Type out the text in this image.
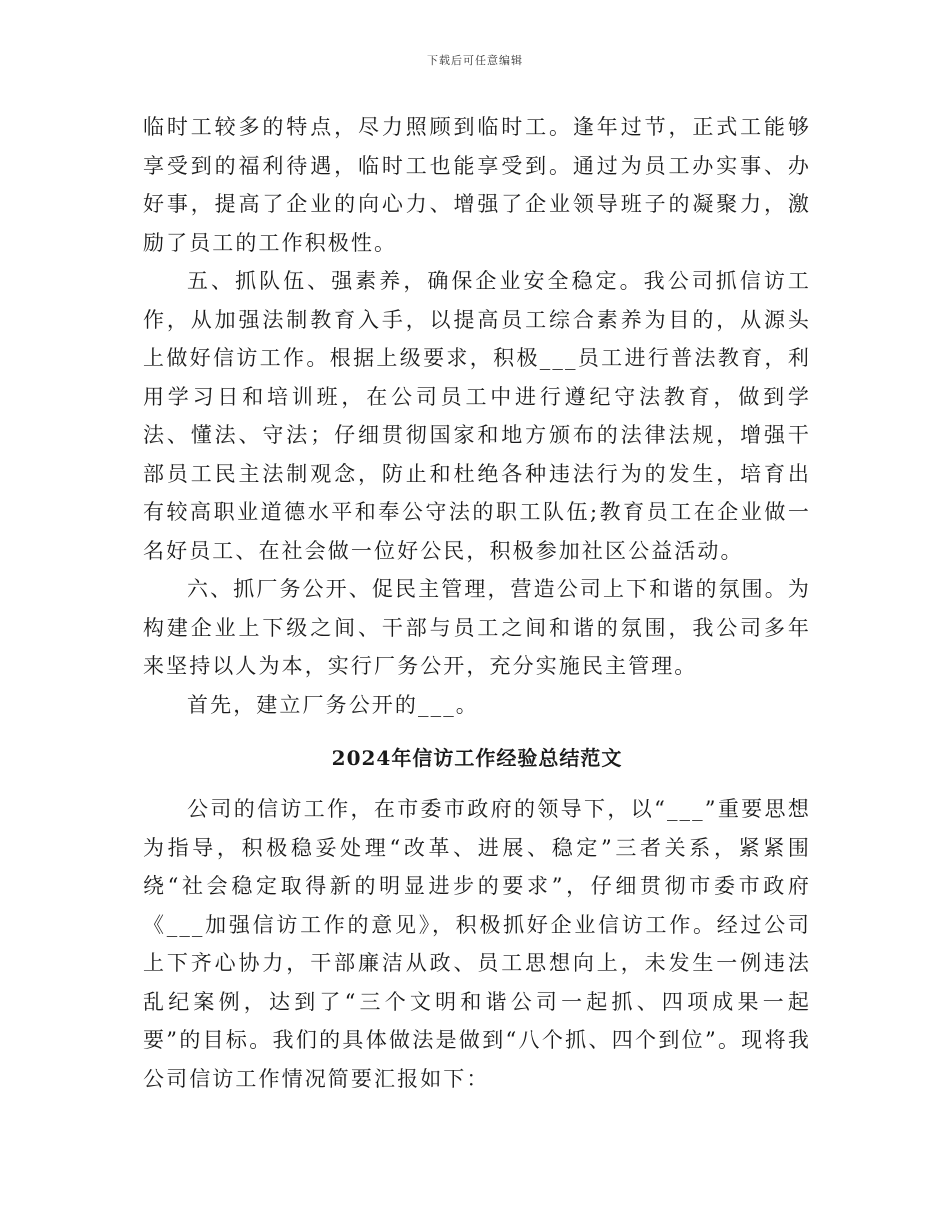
下载后可任意编辑

临时工较多的特点，尽力照顾到临时工。逢年过节，正式工能够享受到的福利待遇，临时工也能享受到。通过为员工办实事、办好事，提高了企业的向心力、增强了企业领导班子的凝聚力，激励了员工的工作积极性。

五、抓队伍、强素养，确保企业安全稳定。我公司抓信访工作，从加强法制教育入手，以提高员工综合素养为目的，从源头上做好信访工作。根据上级要求，积极___员工进行普法教育，利用学习日和培训班，在公司员工中进行遵纪守法教育，做到学法、懂法、守法；仔细贯彻国家和地方颁布的法律法规，增强干部员工民主法制观念，防止和杜绝各种违法行为的发生，培育出有较高职业道德水平和奉公守法的职工队伍;教育员工在企业做一名好员工、在社会做一位好公民，积极参加社区公益活动。

六、抓厂务公开、促民主管理，营造公司上下和谐的氛围。为构建企业上下级之间、干部与员工之间和谐的氛围，我公司多年来坚持以人为本，实行厂务公开，充分实施民主管理。

首先，建立厂务公开的___。

2024年信访工作经验总结范文

公司的信访工作，在市委市政府的领导下，以“___”重要思想为指导，积极稳妥处理“改革、进展、稳定”三者关系，紧紧围绕“社会稳定取得新的明显进步的要求”，仔细贯彻市委市政府《___加强信访工作的意见》，积极抓好企业信访工作。经过公司上下齐心协力，干部廉洁从政、员工思想向上，未发生一例违法乱纪案例，达到了“三个文明和谐公司一起抓、四项成果一起要”的目标。我们的具体做法是做到“八个抓、四个到位”。现将我公司信访工作情况简要汇报如下：
